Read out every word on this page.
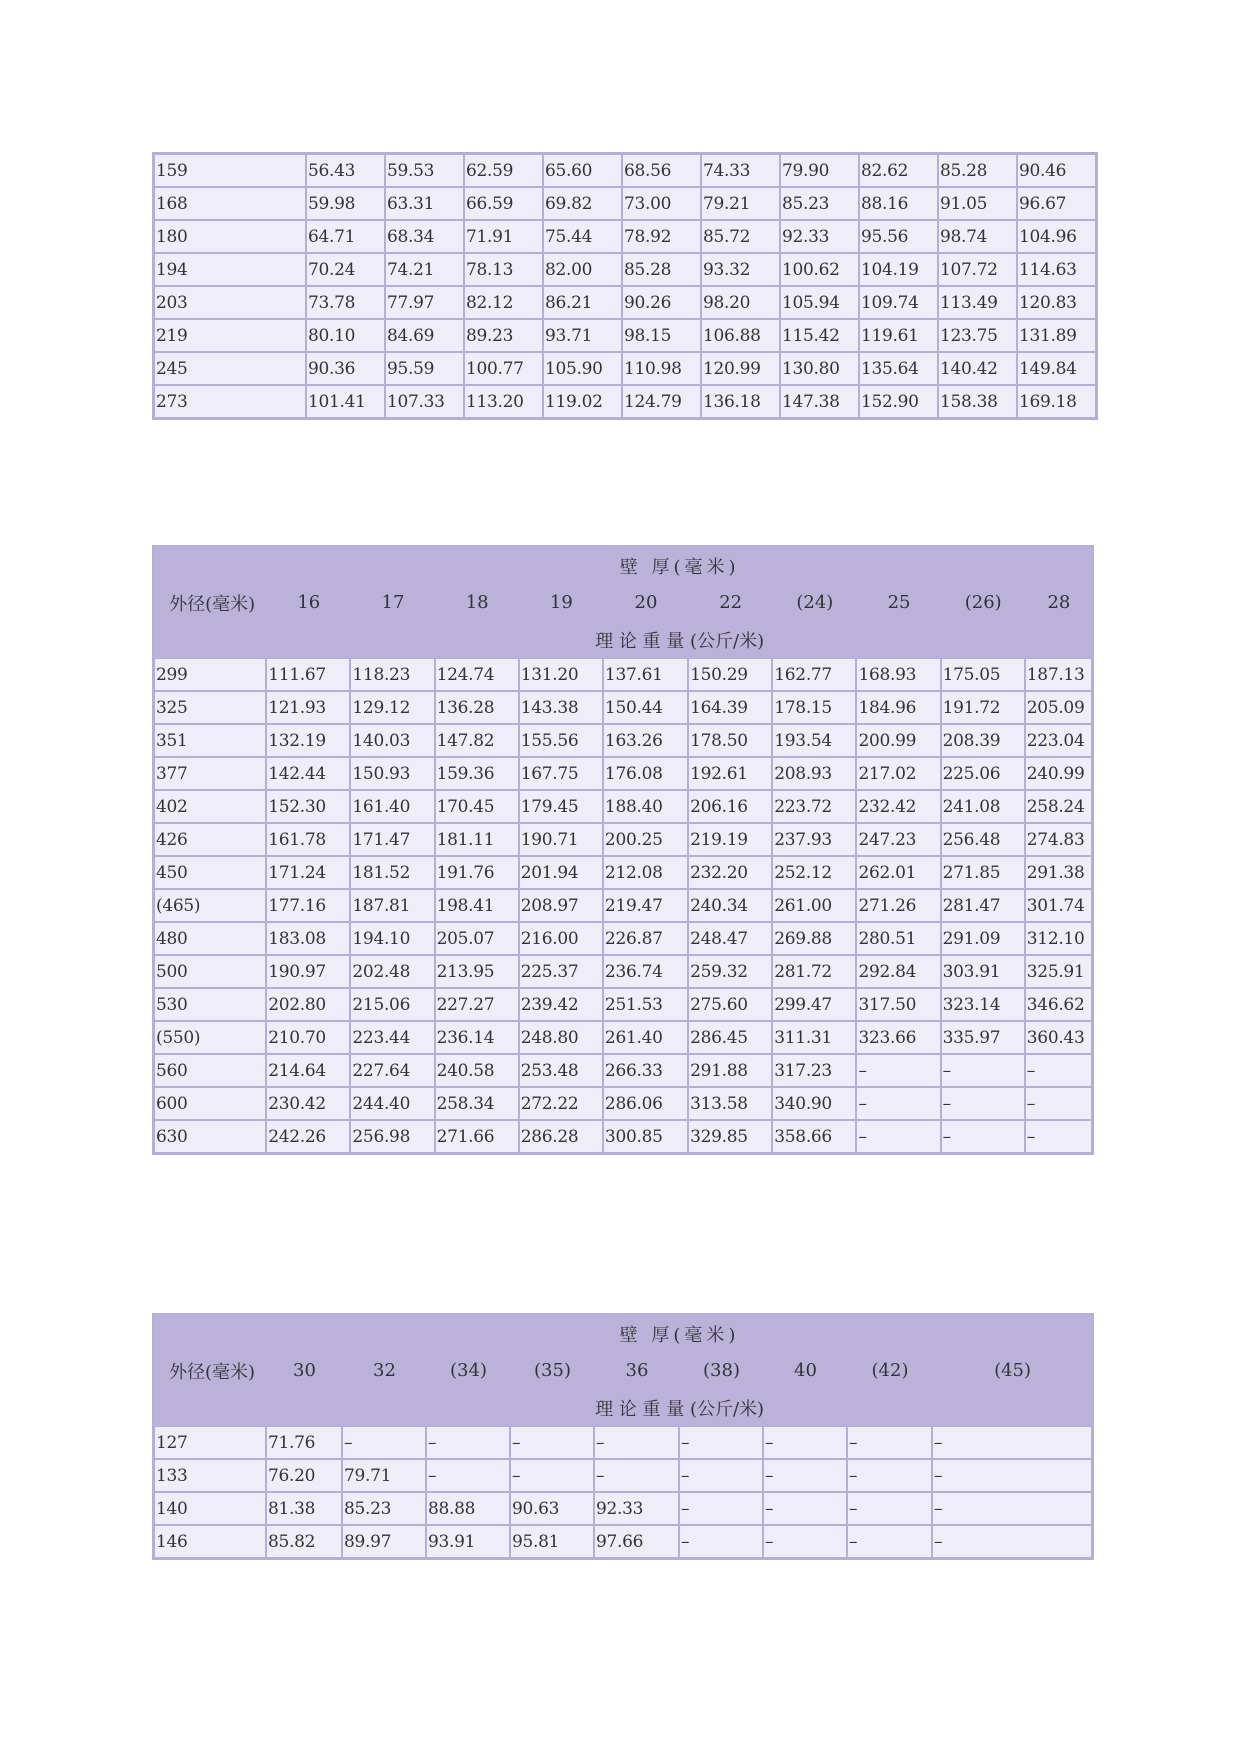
159	56.43	59.53	62.59	65.60	68.56	74.33	79.90	82.62	85.28	90.46
168	59.98	63.31	66.59	69.82	73.00	79.21	85.23	88.16	91.05	96.67
180	64.71	68.34	71.91	75.44	78.92	85.72	92.33	95.56	98.74	104.96
194	70.24	74.21	78.13	82.00	85.28	93.32	100.62	104.19	107.72	114.63
203	73.78	77.97	82.12	86.21	90.26	98.20	105.94	109.74	113.49	120.83
219	80.10	84.69	89.23	93.71	98.15	106.88	115.42	119.61	123.75	131.89
245	90.36	95.59	100.77	105.90	110.98	120.99	130.80	135.64	140.42	149.84
273	101.41	107.33	113.20	119.02	124.79	136.18	147.38	152.90	158.38	169.18
外径(毫米)	壁 厚(毫米)									
	16	17	18	19	20	22	(24)	25	(26)	28
	理 论 重 量 (公斤/米)									
299	111.67	118.23	124.74	131.20	137.61	150.29	162.77	168.93	175.05	187.13
325	121.93	129.12	136.28	143.38	150.44	164.39	178.15	184.96	191.72	205.09
351	132.19	140.03	147.82	155.56	163.26	178.50	193.54	200.99	208.39	223.04
377	142.44	150.93	159.36	167.75	176.08	192.61	208.93	217.02	225.06	240.99
402	152.30	161.40	170.45	179.45	188.40	206.16	223.72	232.42	241.08	258.24
426	161.78	171.47	181.11	190.71	200.25	219.19	237.93	247.23	256.48	274.83
450	171.24	181.52	191.76	201.94	212.08	232.20	252.12	262.01	271.85	291.38
(465)	177.16	187.81	198.41	208.97	219.47	240.34	261.00	271.26	281.47	301.74
480	183.08	194.10	205.07	216.00	226.87	248.47	269.88	280.51	291.09	312.10
500	190.97	202.48	213.95	225.37	236.74	259.32	281.72	292.84	303.91	325.91
530	202.80	215.06	227.27	239.42	251.53	275.60	299.47	317.50	323.14	346.62
(550)	210.70	223.44	236.14	248.80	261.40	286.45	311.31	323.66	335.97	360.43
560	214.64	227.64	240.58	253.48	266.33	291.88	317.23	–	–	–
600	230.42	244.40	258.34	272.22	286.06	313.58	340.90	–	–	–
630	242.26	256.98	271.66	286.28	300.85	329.85	358.66	–	–	–
外径(毫米)	壁 厚(毫米)								
	30	32	(34)	(35)	36	(38)	40	(42)	(45)
	理 论 重 量 (公斤/米)								
127	71.76	–	–	–	–	–	–	–	–
133	76.20	79.71	–	–	–	–	–	–	–
140	81.38	85.23	88.88	90.63	92.33	–	–	–	–
146	85.82	89.97	93.91	95.81	97.66	–	–	–	–
